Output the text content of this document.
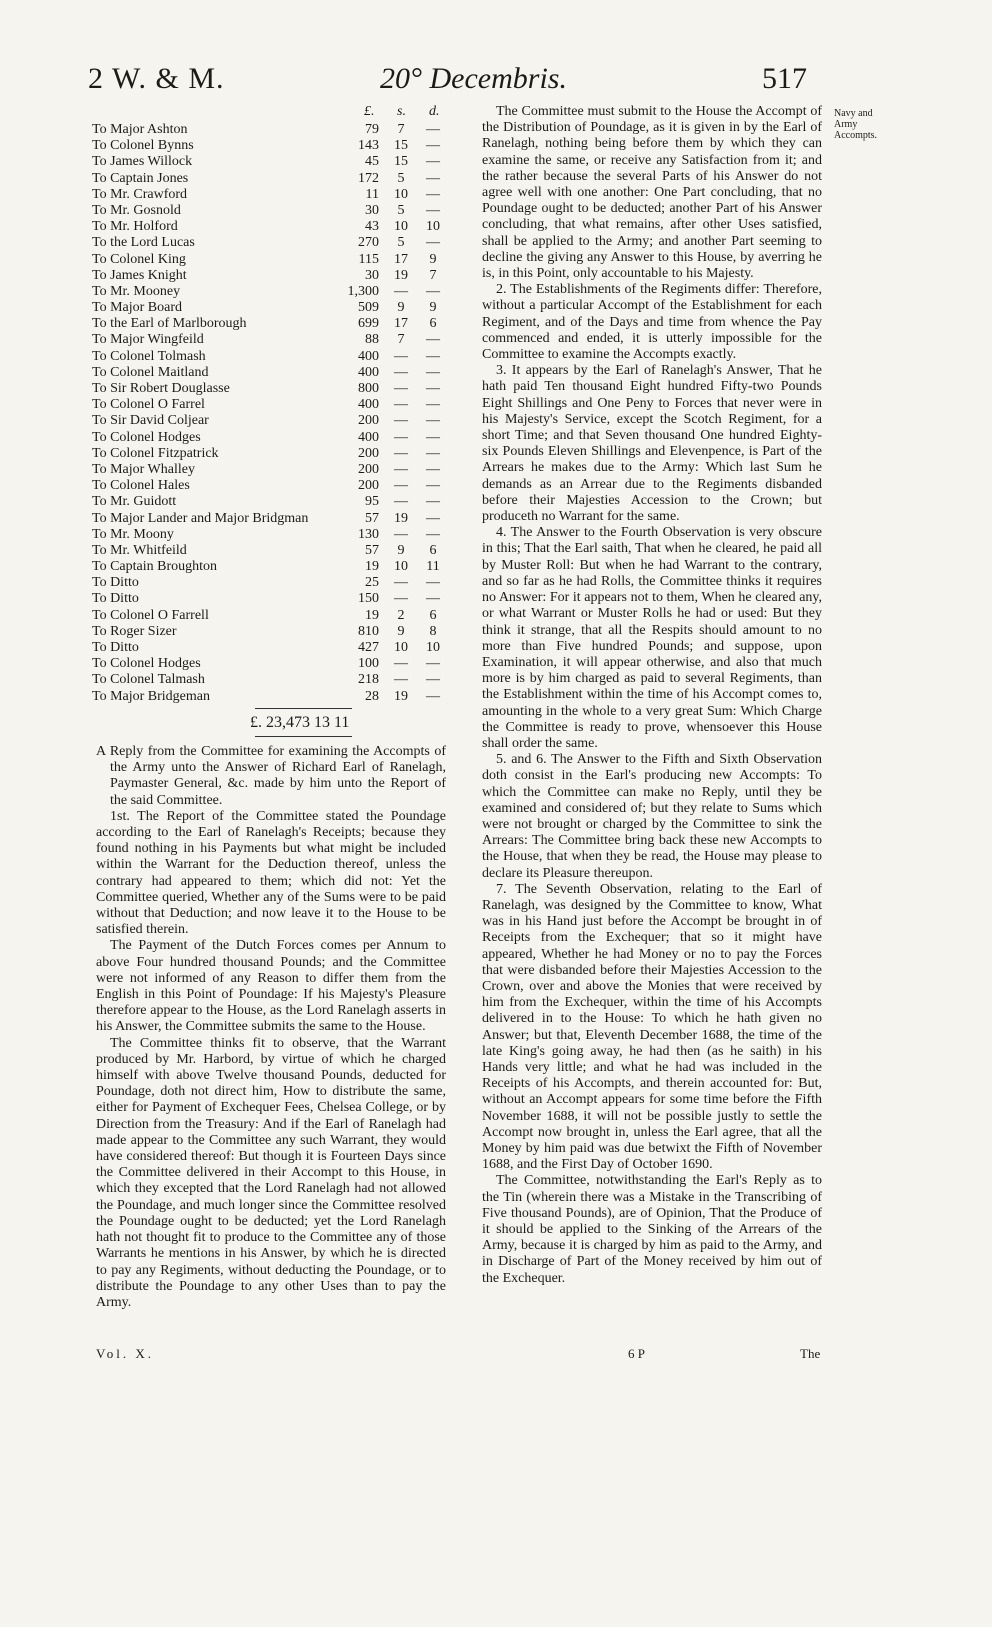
2 W. & M.	20° Decembris.	517
£. s. d.
To Major Ashton	79	7	—
To Colonel Bynns	143 15 —
To James Willock	45 15 —
To Captain Jones	172	5	—
To Mr. Crawford	11 10 —
To Mr. Gosnold	30	5	—
To Mr. Holford	43 10 10
To the Lord Lucas	270	5	—
To Colonel King	115 17	9
To James Knight	30 19	7
To Mr. Mooney	1,300 — —
To Major Board	509	9	9
To the Earl of Marlborough	699 17	6
To Major Wingfeild	88	7	—
To Colonel Tolmash	400 — —
To Colonel Maitland	400 — —
To Sir Robert Douglasse	800 — —
To Colonel O Farrel	400 — —
To Sir David Coljear	200 — —
To Colonel Hodges	400 — —
To Colonel Fitzpatrick	200 — —
To Major Whalley	200 — —
To Colonel Hales	200 — —
To Mr. Guidott	95 — —
To Major Lander and Major Bridgman	57 19 —
To Mr. Moony	130 — —
To Mr. Whitfeild	57	9	6
To Captain Broughton	19 10	11
To Ditto	25 — —
To Ditto	150 — —
To Colonel O Farrell	19	2	6
To Roger Sizer	810	9	8
To Ditto	427 10 10
To Colonel Hodges	100 — —
To Colonel Talmash	218 — —
To Major Bridgeman	28 19 —
£. 23,473 13 11

A Reply from the Committee for examining the Accompts of the Army unto the Answer of Richard Earl of Ranelagh, Paymaster General, &c. made by him unto the Report of the said Committee.

1st. The Report of the Committee stated the Poundage according to the Earl of Ranelagh's Receipts; because they found nothing in his Payments but what might be included within the Warrant for the Deduction thereof, unless the contrary had appeared to them; which did not: Yet the Committee queried, Whether any of the Sums were to be paid without that Deduction; and now leave it to the House to be satisfied therein.

The Payment of the Dutch Forces comes per Annum to above Four hundred thousand Pounds; and the Committee were not informed of any Reason to differ them from the English in this Point of Poundage: If his Majesty's Pleasure therefore appear to the House, as the Lord Ranelagh asserts in his Answer, the Committee submits the same to the House.

The Committee thinks fit to observe, that the Warrant produced by Mr. Harbord, by virtue of which he charged himself with above Twelve thousand Pounds, deducted for Poundage, doth not direct him, How to distribute the same, either for Payment of Exchequer Fees, Chelsea College, or by Direction from the Treasury: And if the Earl of Ranelagh had made appear to the Committee any such Warrant, they would have considered thereof: But though it is Fourteen Days since the Committee delivered in their Accompt to this House, in which they excepted that the Lord Ranelagh had not allowed the Poundage, and much longer since the Committee resolved the Poundage ought to be deducted; yet the Lord Ranelagh hath not thought fit to produce to the Committee any of those Warrants he mentions in his Answer, by which he is directed to pay any Regiments, without deducting the Poundage, or to distribute the Poundage to any other Uses than to pay the Army.

The Committee must submit to the House the Accompt of the Distribution of Poundage, as it is given in by the Earl of Ranelagh, nothing being before them by which they can examine the same, or receive any Satisfaction from it; and the rather because the several Parts of his Answer do not agree well with one another: One Part concluding, that no Poundage ought to be deducted; another Part of his Answer concluding, that what remains, after other Uses satisfied, shall be applied to the Army; and another Part seeming to decline the giving any Answer to this House, by averring he is, in this Point, only accountable to his Majesty.

2. The Establishments of the Regiments differ: Therefore, without a particular Accompt of the Establishment for each Regiment, and of the Days and time from whence the Pay commenced and ended, it is utterly impossible for the Committee to examine the Accompts exactly.

3. It appears by the Earl of Ranelagh's Answer, That he hath paid Ten thousand Eight hundred Fifty-two Pounds Eight Shillings and One Peny to Forces that never were in his Majesty's Service, except the Scotch Regiment, for a short Time; and that Seven thousand One hundred Eighty-six Pounds Eleven Shillings and Elevenpence, is Part of the Arrears he makes due to the Army: Which last Sum he demands as an Arrear due to the Regiments disbanded before their Majesties Accession to the Crown; but produceth no Warrant for the same.

4. The Answer to the Fourth Observation is very obscure in this; That the Earl saith, That when he cleared, he paid all by Muster Roll: But when he had Warrant to the contrary, and so far as he had Rolls, the Committee thinks it requires no Answer: For it appears not to them, When he cleared any, or what Warrant or Muster Rolls he had or used: But they think it strange, that all the Respits should amount to no more than Five hundred Pounds; and suppose, upon Examination, it will appear otherwise, and also that much more is by him charged as paid to several Regiments, than the Establishment within the time of his Accompt comes to, amounting in the whole to a very great Sum: Which Charge the Committee is ready to prove, whensoever this House shall order the same.

5. and 6. The Answer to the Fifth and Sixth Observation doth consist in the Earl's producing new Accompts: To which the Committee can make no Reply, until they be examined and considered of; but they relate to Sums which were not brought or charged by the Committee to sink the Arrears: The Committee bring back these new Accompts to the House, that when they be read, the House may please to declare its Pleasure thereupon.

7. The Seventh Observation, relating to the Earl of Ranelagh, was designed by the Committee to know, What was in his Hand just before the Accompt be brought in of Receipts from the Exchequer; that so it might have appeared, Whether he had Money or no to pay the Forces that were disbanded before their Majesties Accession to the Crown, over and above the Monies that were received by him from the Exchequer, within the time of his Accompts delivered in to the House: To which he hath given no Answer; but that, Eleventh December 1688, the time of the late King's going away, he had then (as he saith) in his Hands very little; and what he had was included in the Receipts of his Accompts, and therein accounted for: But, without an Accompt appears for some time before the Fifth November 1688, it will not be possible justly to settle the Accompt now brought in, unless the Earl agree, that all the Money by him paid was due betwixt the Fifth of November 1688, and the First Day of October 1690.

The Committee, notwithstanding the Earl's Reply as to the Tin (wherein there was a Mistake in the Transcribing of Five thousand Pounds), are of Opinion, That the Produce of it should be applied to the Sinking of the Arrears of the Army, because it is charged by him as paid to the Army, and in Discharge of Part of the Money received by him out of the Exchequer.

Navy and Army Accompts.
Vol. X.	6 P	The
